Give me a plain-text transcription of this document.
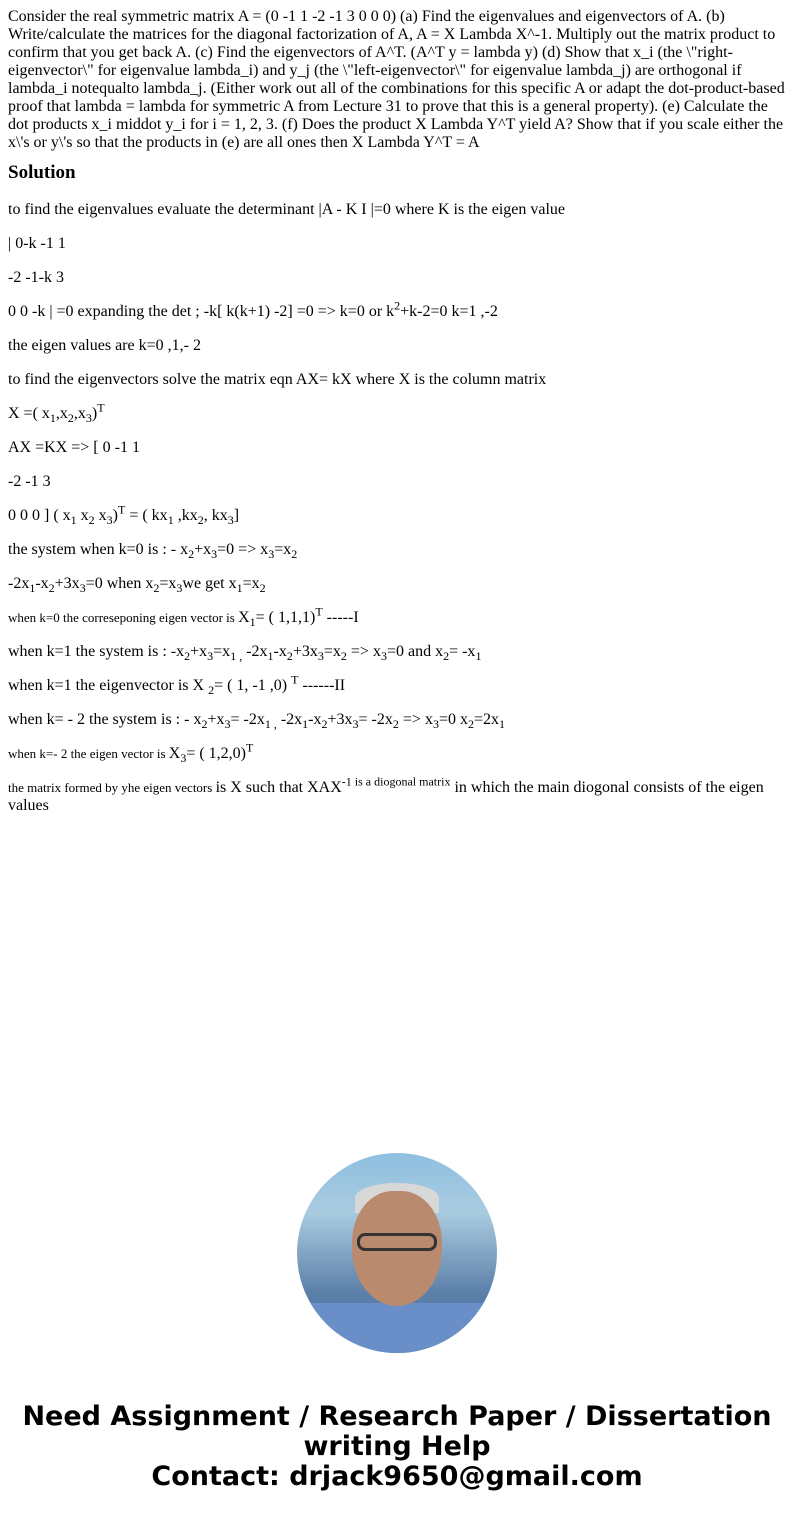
Consider the real symmetric matrix A = (0 -1 1 -2 -1 3 0 0 0) (a) Find the eigenvalues and eigenvectors of A. (b) Write/calculate the matrices for the diagonal factorization of A, A = X Lambda X^-1. Multiply out the matrix product to confirm that you get back A. (c) Find the eigenvectors of A^T. (A^T y = lambda y) (d) Show that x_i (the \"right-eigenvector\" for eigenvalue lambda_i) and y_j (the \"left-eigenvector\" for eigenvalue lambda_j) are orthogonal if lambda_i notequalto lambda_j. (Either work out all of the combinations for this specific A or adapt the dot-product-based proof that lambda = lambda for symmetric A from Lecture 31 to prove that this is a general property). (e) Calculate the dot products x_i middot y_i for i = 1, 2, 3. (f) Does the product X Lambda Y^T yield A? Show that if you scale either the x\'s or y\'s so that the products in (e) are all ones then X Lambda Y^T = A

Solution

to find the eigenvalues evaluate the determinant |A - K I |=0 where K is the eigen value

| 0-k -1 1

-2 -1-k 3

0 0 -k | =0 expanding the det ; -k[ k(k+1) -2] =0 => k=0 or $k^2+k-2=0$ k=1 ,-2

the eigen values are k=0 ,1,- 2

to find the eigenvectors solve the matrix eqn AX= kX where X is the column matrix

X =( $x_1,x_2,x_3)^T$

AX =KX => [ 0 -1 1

-2 -1 3

0 0 0 ] ( $x_1$ $x_2$ $x_3)^T$ = ( $kx_1$ $,kx_2$, $kx_3$]

the system when k=0 is : - $x_2+x_3=0 => x_3=x_2$

$-2x_1-x_2+3x_3=0$ when $x_2=x_3we$ get $x_1=x_2$

when k=0 the correseponing eigen vector is $X_1=$ ( 1,1,1)$^T$ -----I

when k=1 the system is : $-x_2+x_3=x_{1 ,}$ $-2x_1-x_2+3x_3=x_2 => x_3=0$ and $x_2= -x_1$

when k=1 the eigenvector is X $_2$= ( 1, -1 ,0) $^T$ ------II

when k= - 2 the system is : - $x_2+x_3= -2x_{1 ,}$ $-2x_1-x_2+3x_3= -2x_2 => x_3=0$ $x_2=2x_1$

when k=- 2 the eigen vector is $X_3=$ ( 1,2,0)$^T$

the matrix formed by yhe eigen vectors is X such that $XAX^{-1 is a diogonal matrix}$ in which the main diogonal consists of the eigen values

Need Assignment / Research Paper / Dissertation writing Help
Contact: drjack9650@gmail.com
